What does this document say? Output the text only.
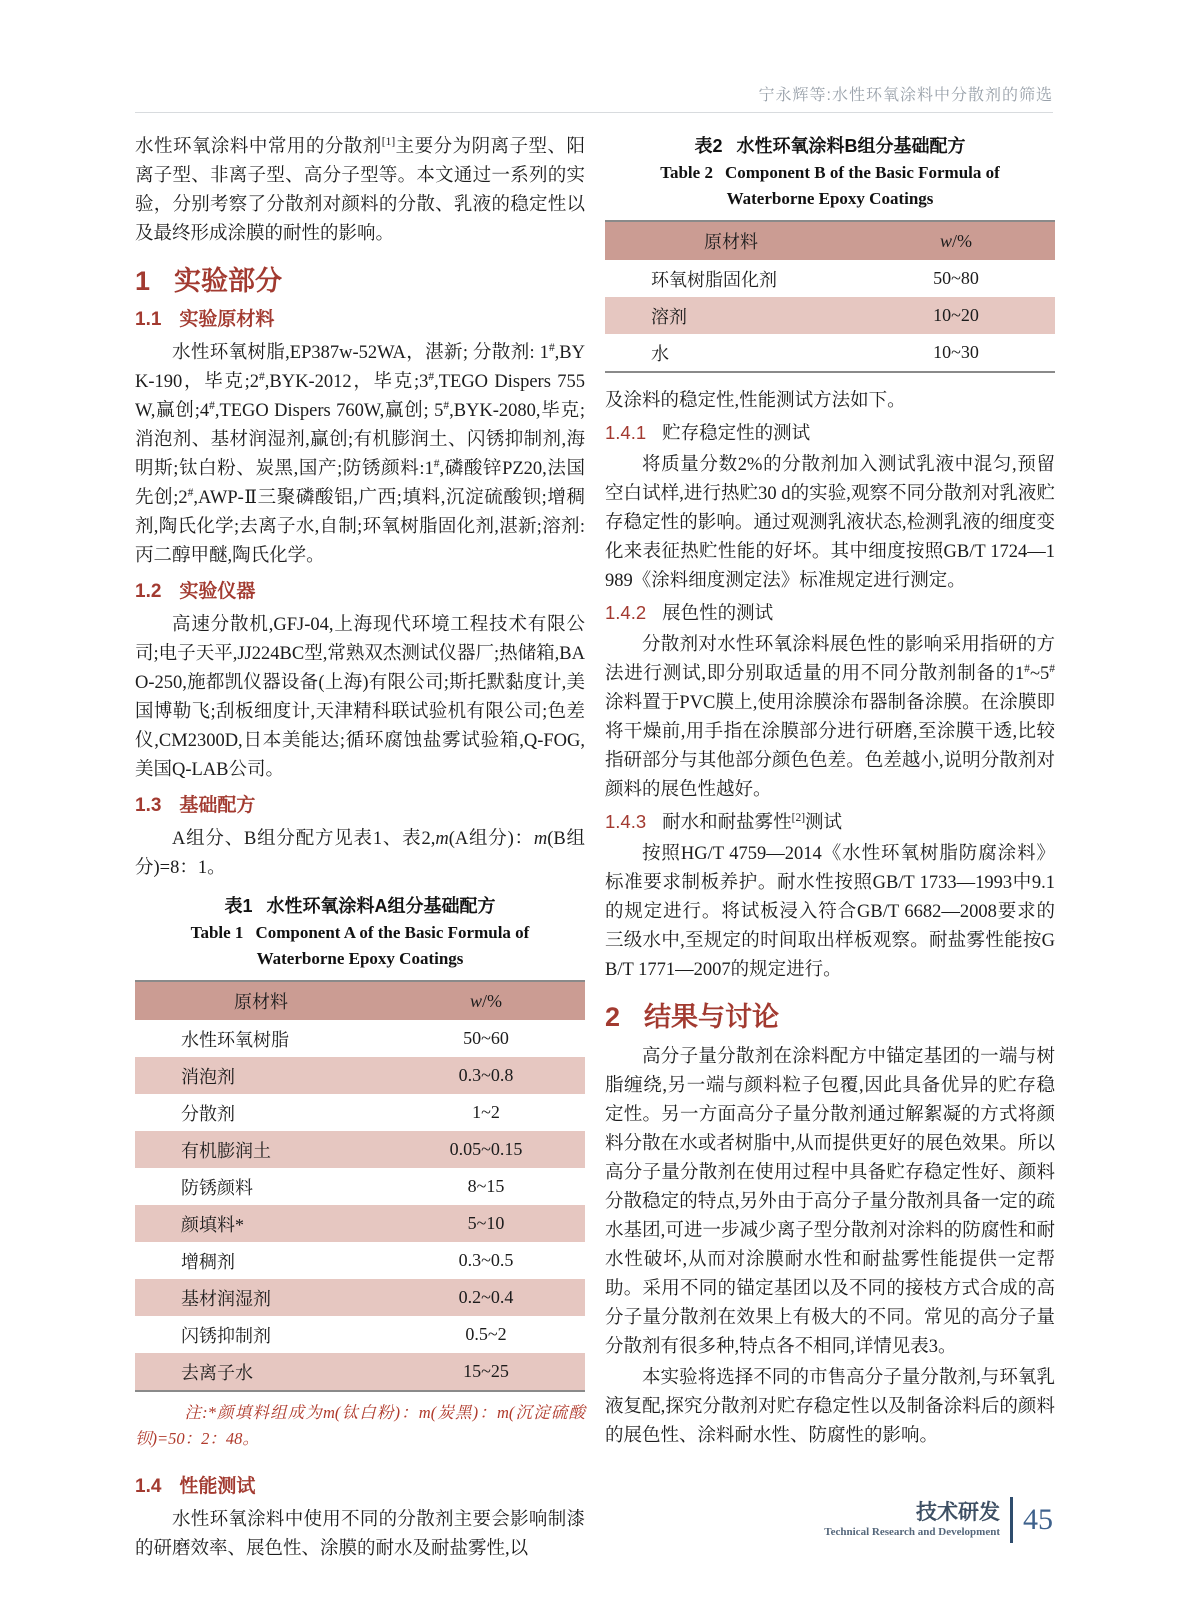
宁永辉等:水性环氧涂料中分散剂的筛选

水性环氧涂料中常用的分散剂[1]主要分为阴离子型、阳离子型、非离子型、高分子型等。本文通过一系列的实验，分别考察了分散剂对颜料的分散、乳液的稳定性以及最终形成涂膜的耐性的影响。

1 实验部分
1.1 实验原材料

水性环氧树脂,EP387w-52WA，湛新; 分散剂: 1#,BYK-190，毕克;2#,BYK-2012，毕克;3#,TEGO Dispers 755W,赢创;4#,TEGO Dispers 760W,赢创; 5#,BYK-2080,毕克;消泡剂、基材润湿剂,赢创;有机膨润土、闪锈抑制剂,海明斯;钛白粉、炭黑,国产;防锈颜料:1#,磷酸锌PZ20,法国先创;2#,AWP-Ⅱ三聚磷酸铝,广西;填料,沉淀硫酸钡;增稠剂,陶氏化学;去离子水,自制;环氧树脂固化剂,湛新;溶剂:丙二醇甲醚,陶氏化学。

1.2 实验仪器

高速分散机,GFJ-04,上海现代环境工程技术有限公司;电子天平,JJ224BC型,常熟双杰测试仪器厂;热储箱,BAO-250,施都凯仪器设备(上海)有限公司;斯托默黏度计,美国博勒飞;刮板细度计,天津精科联试验机有限公司;色差仪,CM2300D,日本美能达;循环腐蚀盐雾试验箱,Q-FOG,美国Q-LAB公司。

1.3 基础配方

A组分、B组分配方见表1、表2,m(A组分)：m(B组分)=8：1。

表1 水性环氧涂料A组分基础配方
Table 1 Component A of the Basic Formula of
Waterborne Epoxy Coatings
原材料	w/%
水性环氧树脂	50~60
消泡剂	0.3~0.8
分散剂	1~2
有机膨润土	0.05~0.15
防锈颜料	8~15
颜填料*	5~10
增稠剂	0.3~0.5
基材润湿剂	0.2~0.4
闪锈抑制剂	0.5~2
去离子水	15~25

注:*颜填料组成为m(钛白粉)：m(炭黑)：m(沉淀硫酸钡)=50：2：48。

1.4 性能测试

水性环氧涂料中使用不同的分散剂主要会影响制漆的研磨效率、展色性、涂膜的耐水及耐盐雾性,以

表2 水性环氧涂料B组分基础配方
Table 2 Component B of the Basic Formula of
Waterborne Epoxy Coatings
原材料	w/%
环氧树脂固化剂	50~80
溶剂	10~20
水	10~30

及涂料的稳定性,性能测试方法如下。

1.4.1 贮存稳定性的测试

将质量分数2%的分散剂加入测试乳液中混匀,预留空白试样,进行热贮30 d的实验,观察不同分散剂对乳液贮存稳定性的影响。通过观测乳液状态,检测乳液的细度变化来表征热贮性能的好坏。其中细度按照GB/T 1724—1989《涂料细度测定法》标准规定进行测定。

1.4.2 展色性的测试

分散剂对水性环氧涂料展色性的影响采用指研的方法进行测试,即分别取适量的用不同分散剂制备的1#~5#涂料置于PVC膜上,使用涂膜涂布器制备涂膜。在涂膜即将干燥前,用手指在涂膜部分进行研磨,至涂膜干透,比较指研部分与其他部分颜色色差。色差越小,说明分散剂对颜料的展色性越好。

1.4.3 耐水和耐盐雾性[2]测试

按照HG/T 4759—2014《水性环氧树脂防腐涂料》标准要求制板养护。耐水性按照GB/T 1733—1993中9.1的规定进行。将试板浸入符合GB/T 6682—2008要求的三级水中,至规定的时间取出样板观察。耐盐雾性能按GB/T 1771—2007的规定进行。

2 结果与讨论

高分子量分散剂在涂料配方中锚定基团的一端与树脂缠绕,另一端与颜料粒子包覆,因此具备优异的贮存稳定性。另一方面高分子量分散剂通过解絮凝的方式将颜料分散在水或者树脂中,从而提供更好的展色效果。所以高分子量分散剂在使用过程中具备贮存稳定性好、颜料分散稳定的特点,另外由于高分子量分散剂具备一定的疏水基团,可进一步减少离子型分散剂对涂料的防腐性和耐水性破坏,从而对涂膜耐水性和耐盐雾性能提供一定帮助。采用不同的锚定基团以及不同的接枝方式合成的高分子量分散剂在效果上有极大的不同。常见的高分子量分散剂有很多种,特点各不相同,详情见表3。

本实验将选择不同的市售高分子量分散剂,与环氧乳液复配,探究分散剂对贮存稳定性以及制备涂料后的颜料的展色性、涂料耐水性、防腐性的影响。

技术研发
Technical Research and Development 45
